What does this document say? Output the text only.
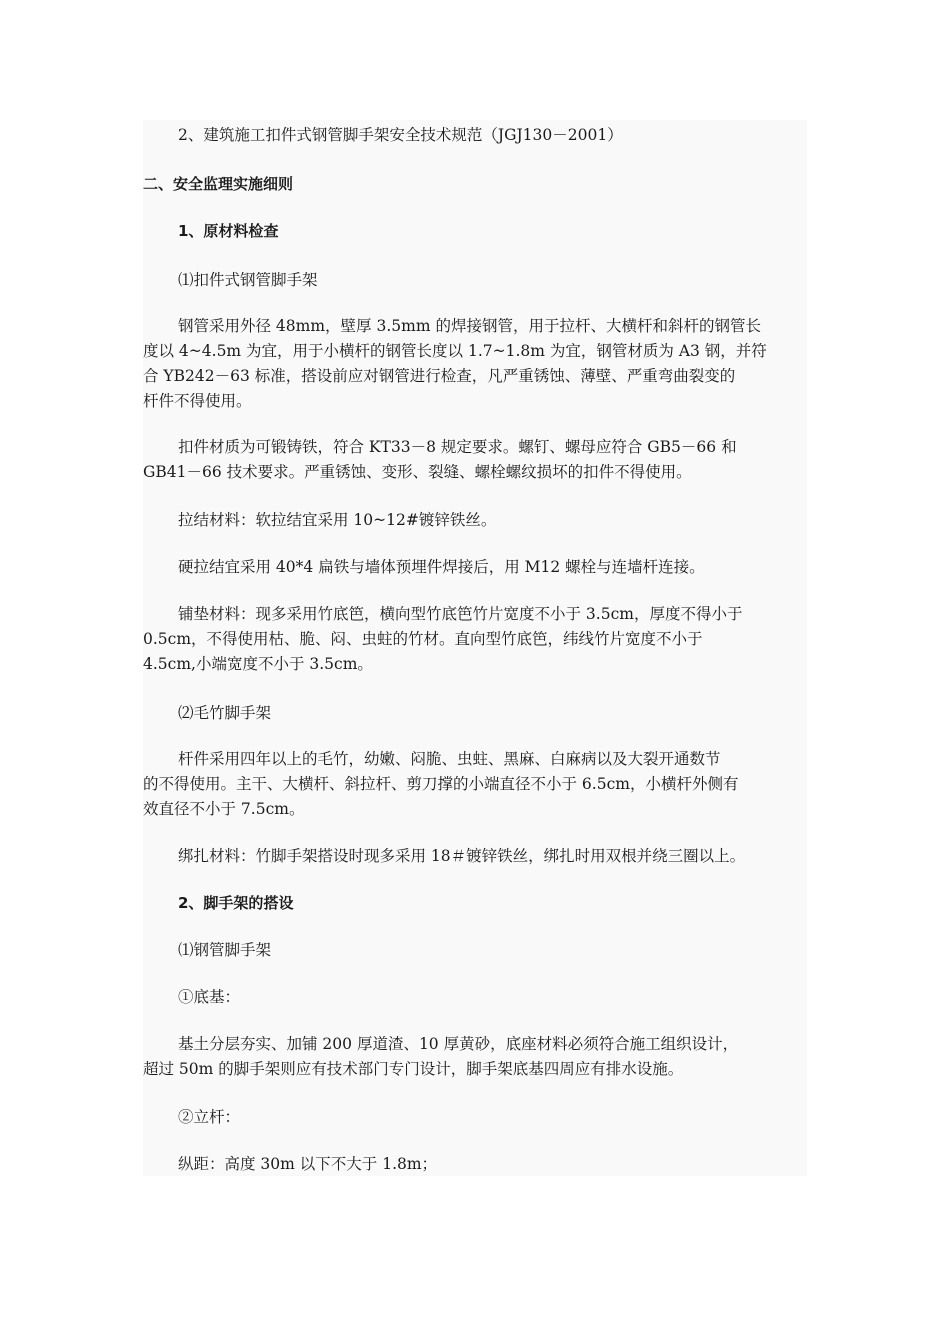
2、建筑施工扣件式钢管脚手架安全技术规范（JGJ130－2001）

二、安全监理实施细则

1、原材料检查

⑴扣件式钢管脚手架

钢管采用外径 48mm，壁厚 3.5mm 的焊接钢管，用于拉杆、大横杆和斜杆的钢管长
度以 4~4.5m 为宜，用于小横杆的钢管长度以 1.7~1.8m 为宜，钢管材质为 A3 钢，并符
合 YB242－63 标准，搭设前应对钢管进行检查，凡严重锈蚀、薄壁、严重弯曲裂变的
杆件不得使用。

扣件材质为可锻铸铁，符合 KT33－8 规定要求。螺钉、螺母应符合 GB5－66 和
GB41－66 技术要求。严重锈蚀、变形、裂缝、螺栓螺纹损坏的扣件不得使用。

拉结材料：软拉结宜采用 10~12#镀锌铁丝。

硬拉结宜采用 40*4 扁铁与墙体预埋件焊接后，用 M12 螺栓与连墙杆连接。

铺垫材料：现多采用竹底笆，横向型竹底笆竹片宽度不小于 3.5cm，厚度不得小于
0.5cm，不得使用枯、脆、闷、虫蛀的竹材。直向型竹底笆，纬线竹片宽度不小于
4.5cm,小端宽度不小于 3.5cm。

⑵毛竹脚手架

杆件采用四年以上的毛竹，幼嫩、闷脆、虫蛀、黑麻、白麻病以及大裂开通数节
的不得使用。主干、大横杆、斜拉杆、剪刀撑的小端直径不小于 6.5cm，小横杆外侧有
效直径不小于 7.5cm。

绑扎材料：竹脚手架搭设时现多采用 18＃镀锌铁丝，绑扎时用双根并绕三圈以上。

2、脚手架的搭设

⑴钢管脚手架

①底基：

基土分层夯实、加铺 200 厚道渣、10 厚黄砂，底座材料必须符合施工组织设计，
超过 50m 的脚手架则应有技术部门专门设计，脚手架底基四周应有排水设施。

②立杆：

纵距：高度 30m 以下不大于 1.8m；
